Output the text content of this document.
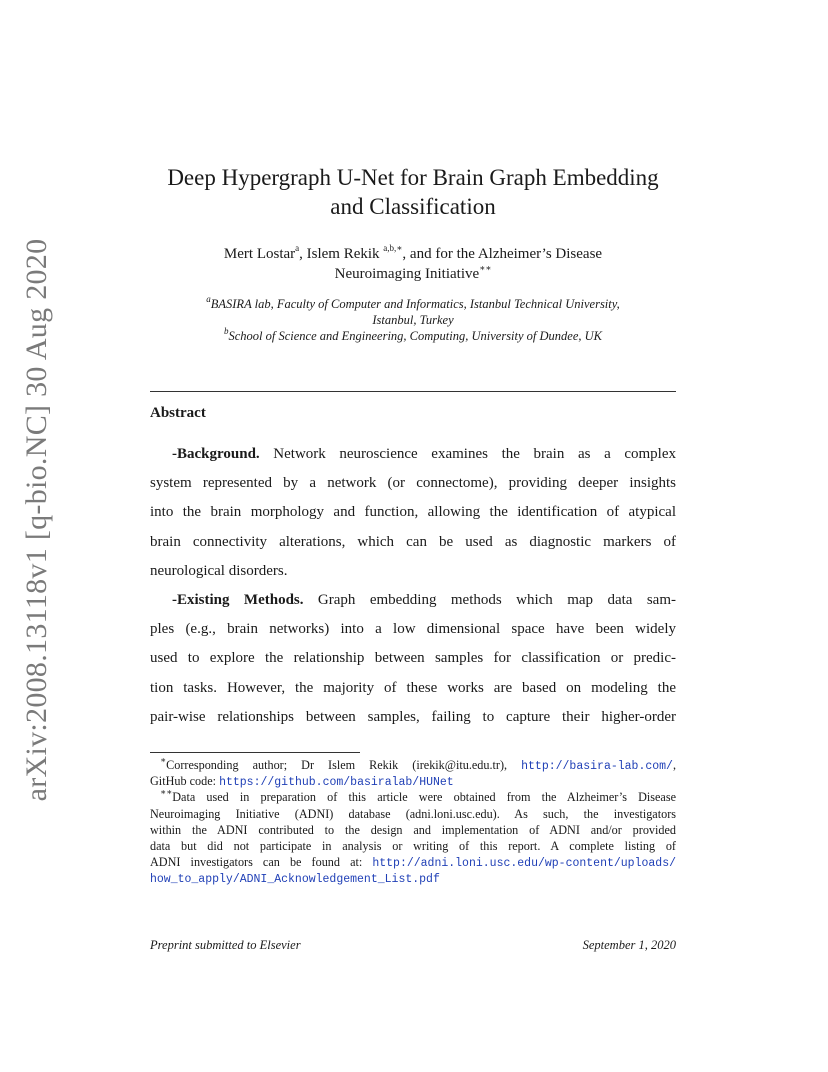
arXiv:2008.13118v1 [q-bio.NC] 30 Aug 2020
Deep Hypergraph U-Net for Brain Graph Embedding
and Classification
Mert Lostar$^a$, Islem Rekik $^{a,b,∗}$, and for the Alzheimer’s Disease
Neuroimaging Initiative∗∗
$^a$BASIRA lab, Faculty of Computer and Informatics, Istanbul Technical University,
Istanbul, Turkey
$^b$School of Science and Engineering, Computing, University of Dundee, UK
Abstract
-Background. Network neuroscience examines the brain as a complex
system represented by a network (or connectome), providing deeper insights
into the brain morphology and function, allowing the identification of atypical
brain connectivity alterations, which can be used as diagnostic markers of
neurological disorders.
-Existing Methods. Graph embedding methods which map data sam-
ples (e.g., brain networks) into a low dimensional space have been widely
used to explore the relationship between samples for classification or predic-
tion tasks. However, the majority of these works are based on modeling the
pair-wise relationships between samples, failing to capture their higher-order
∗Corresponding author; Dr Islem Rekik (irekik@itu.edu.tr), http://basira-lab.com/,
GitHub code: https://github.com/basiralab/HUNet
∗∗Data used in preparation of this article were obtained from the Alzheimer’s Disease
Neuroimaging Initiative (ADNI) database (adni.loni.usc.edu). As such, the investigators
within the ADNI contributed to the design and implementation of ADNI and/or provided
data but did not participate in analysis or writing of this report. A complete listing of
ADNI investigators can be found at: http://adni.loni.usc.edu/wp-content/uploads/
how_to_apply/ADNI_Acknowledgement_List.pdf
Preprint submitted to Elsevier	September 1, 2020
